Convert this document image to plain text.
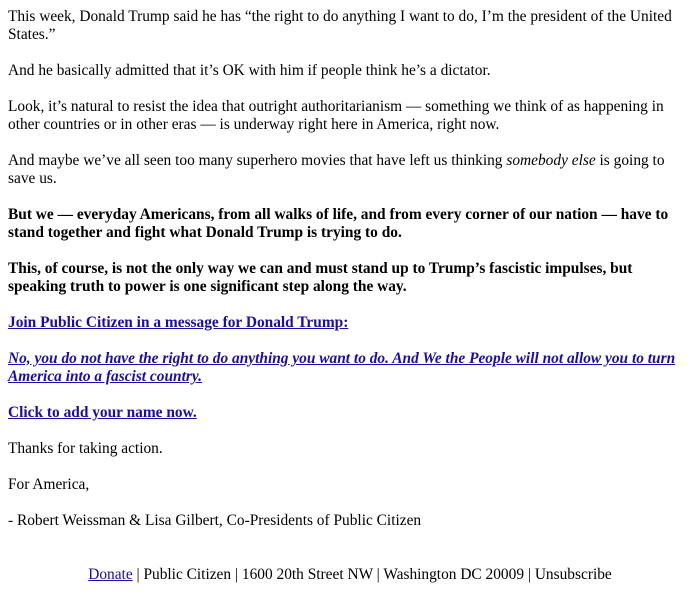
This week, Donald Trump said he has “the right to do anything I want to do, I’m the president of the United States.”

And he basically admitted that it’s OK with him if people think he’s a dictator.

Look, it’s natural to resist the idea that outright authoritarianism — something we think of as happening in other countries or in other eras — is underway right here in America, right now.

And maybe we’ve all seen too many superhero movies that have left us thinking somebody else is going to save us.

But we — everyday Americans, from all walks of life, and from every corner of our nation — have to stand together and fight what Donald Trump is trying to do.

This, of course, is not the only way we can and must stand up to Trump’s fascistic impulses, but speaking truth to power is one significant step along the way.

Join Public Citizen in a message for Donald Trump:

No, you do not have the right to do anything you want to do. And We the People will not allow you to turn America into a fascist country.

Click to add your name now.

Thanks for taking action.

For America,

- Robert Weissman & Lisa Gilbert, Co-Presidents of Public Citizen

Donate | Public Citizen | 1600 20th Street NW | Washington DC 20009 | Unsubscribe
